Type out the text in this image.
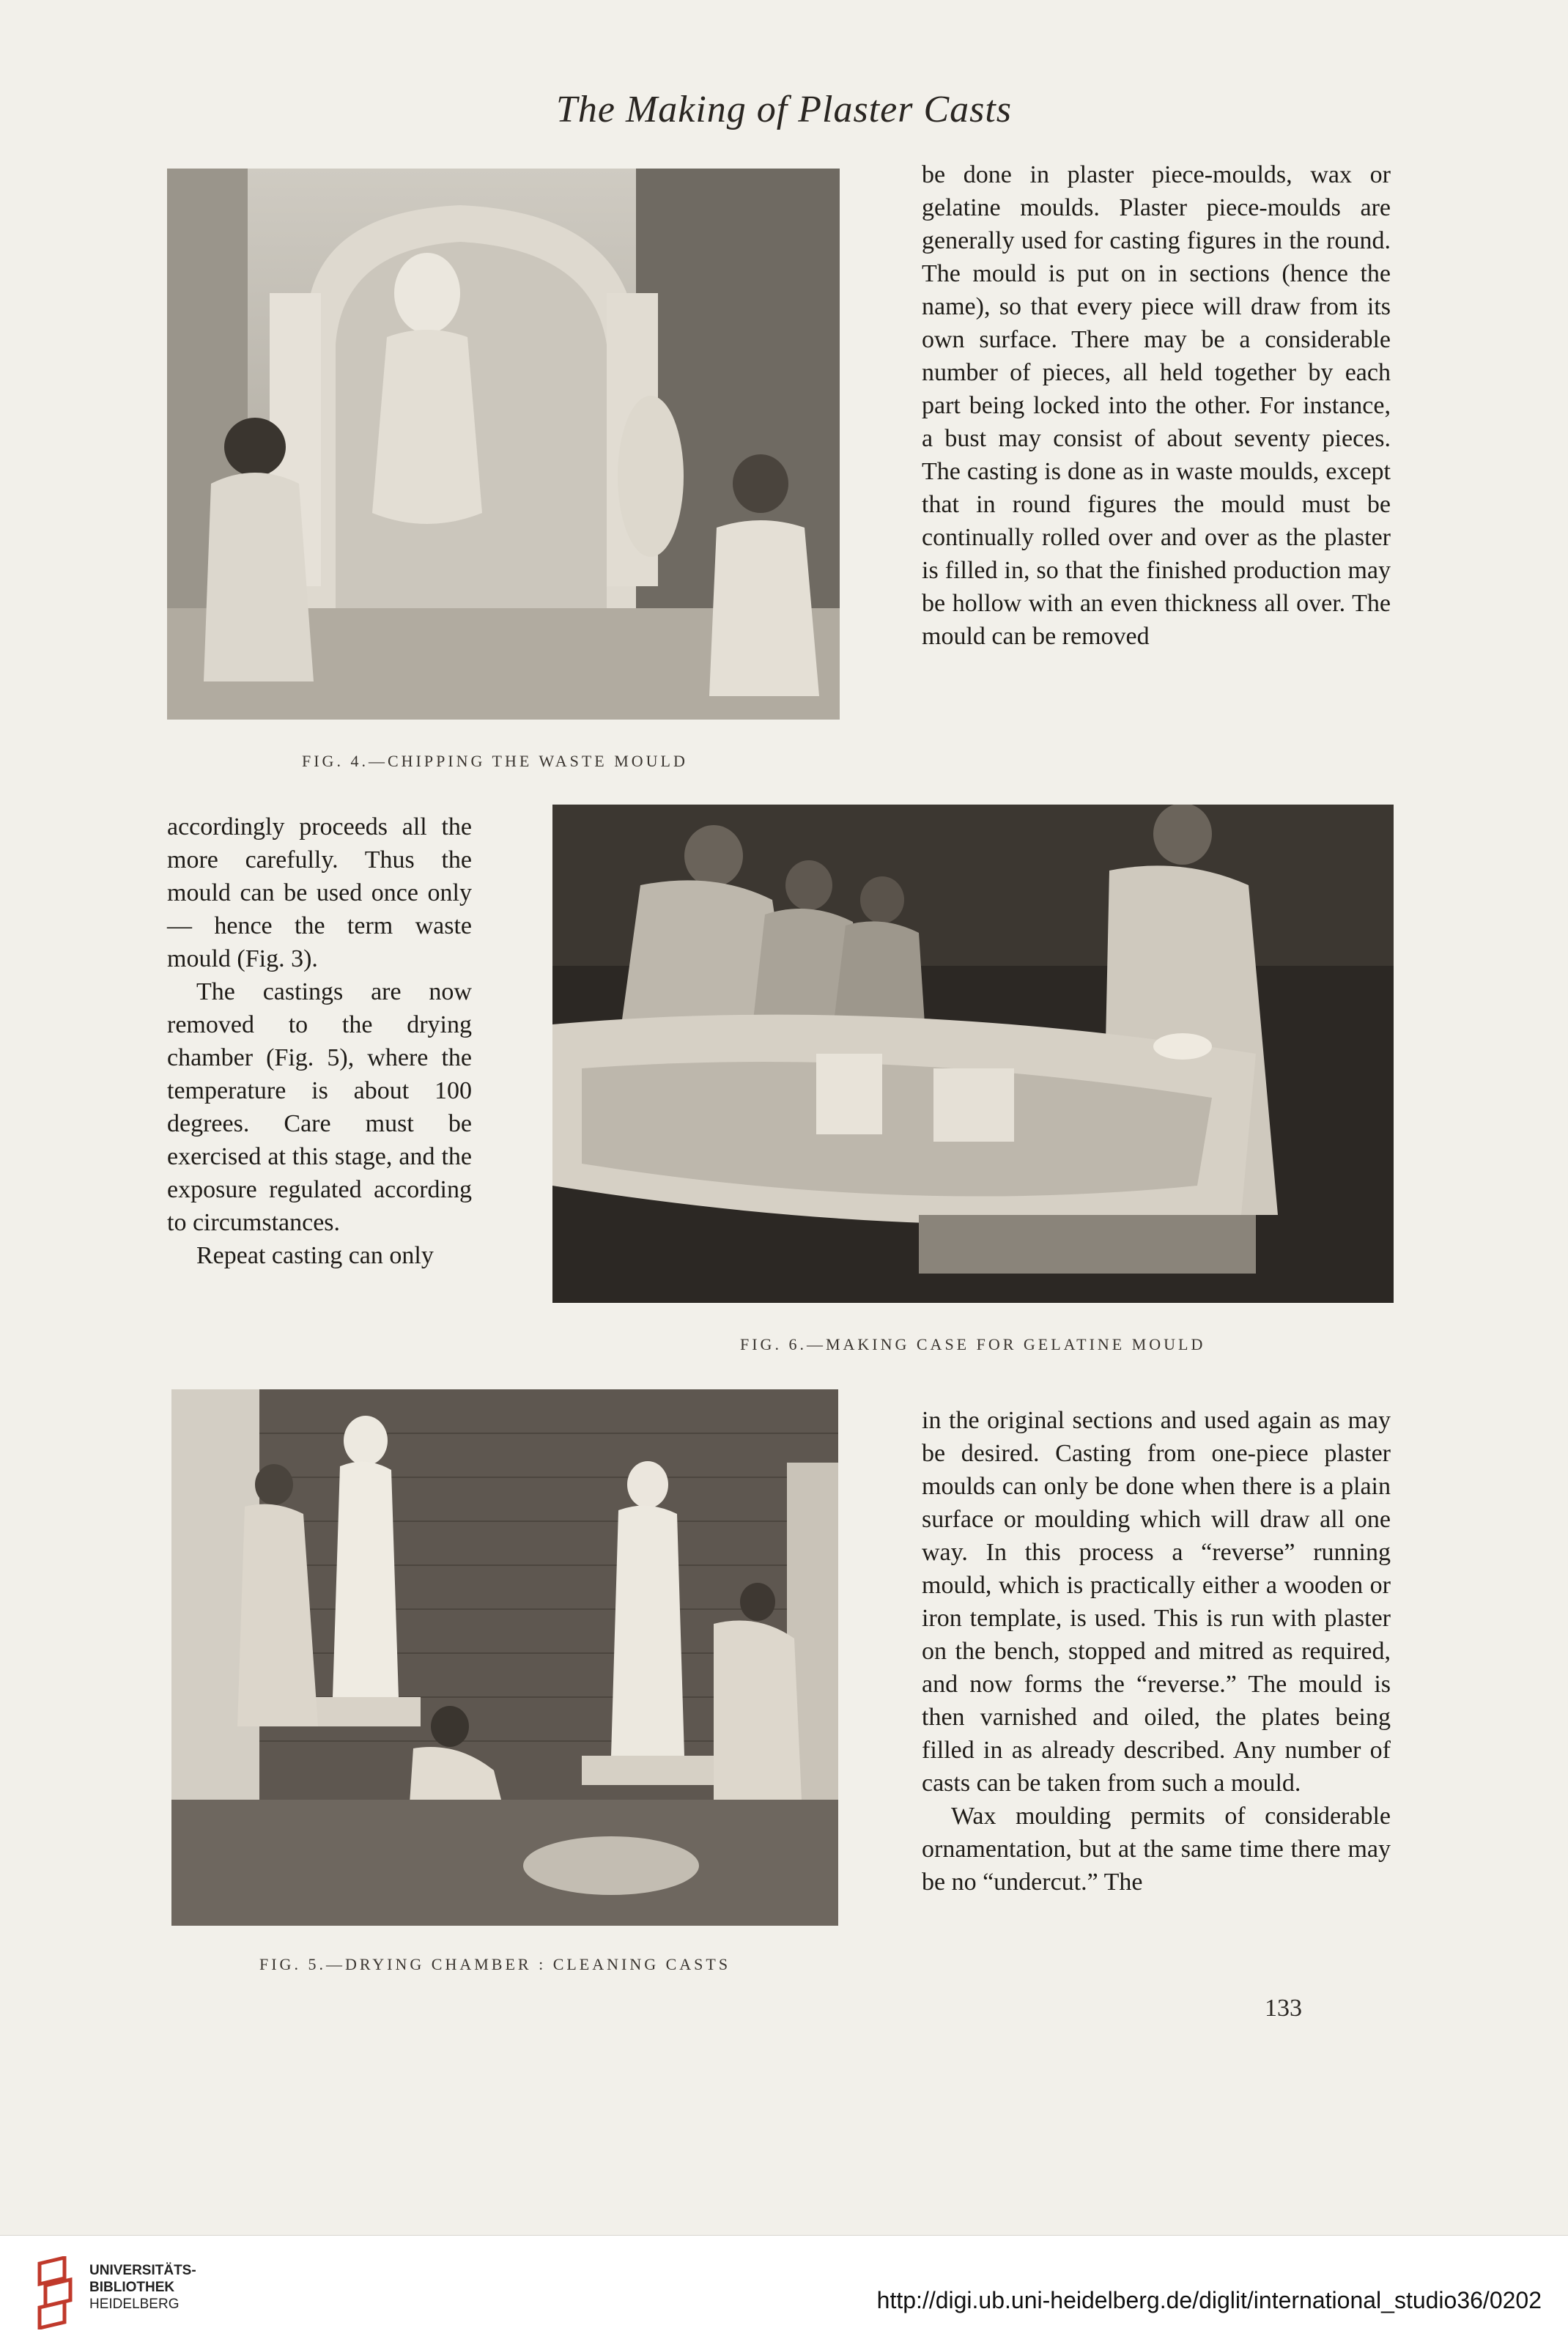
The Making of Plaster Casts
FIG. 4.—CHIPPING THE WASTE MOULD

be done in plaster piece-moulds, wax or gelatine moulds. Plaster piece-moulds are generally used for casting figures in the round. The mould is put on in sections (hence the name), so that every piece will draw from its own surface. There may be a considerable number of pieces, all held together by each part being locked into the other. For instance, a bust may consist of about seventy pieces. The casting is done as in waste moulds, except that in round figures the mould must be continually rolled over and over as the plaster is filled in, so that the finished production may be hollow with an even thickness all over. The mould can be removed

FIG. 6.—MAKING CASE FOR GELATINE MOULD

accordingly proceeds all the more carefully. Thus the mould can be used once only — hence the term waste mould (Fig. 3).

The castings are now removed to the drying chamber (Fig. 5), where the temperature is about 100 degrees. Care must be exercised at this stage, and the exposure regulated according to circumstances.

Repeat casting can only

FIG. 5.—DRYING CHAMBER : CLEANING CASTS

in the original sections and used again as may be desired. Casting from one-piece plaster moulds can only be done when there is a plain surface or moulding which will draw all one way. In this process a “reverse” running mould, which is practically either a wooden or iron template, is used. This is run with plaster on the bench, stopped and mitred as required, and now forms the “reverse.” The mould is then varnished and oiled, the plates being filled in as already described. Any number of casts can be taken from such a mould.

Wax moulding permits of considerable ornamentation, but at the same time there may be no “undercut.” The

133
UNIVERSITÄTS-
BIBLIOTHEK
HEIDELBERG	http://digi.ub.uni-heidelberg.de/diglit/international_studio36/0202
